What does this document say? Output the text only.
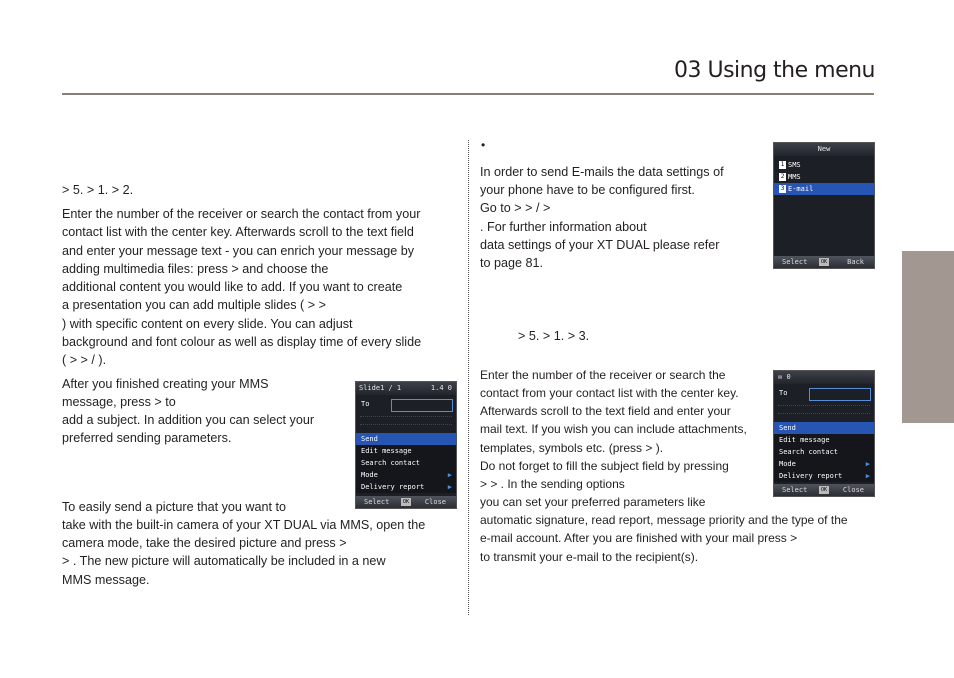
03 Using the menu
> 5. > 1. > 2.
Enter the number of the receiver or search the contact from your
contact list with the center key. Afterwards scroll to the text field
and enter your message text - you can enrich your message by
adding multimedia files: press > and choose the
additional content you would like to add. If you want to create
a presentation you can add multiple slides ( > >
) with specific content on every slide. You can adjust
background and font colour as well as display time of every slide
( > > / ).
After you finished creating your MMS
message, press > to
add a subject. In addition you can select your
preferred sending parameters.
To easily send a picture that you want to
take with the built-in camera of your XT DUAL via MMS, open the
camera mode, take the desired picture and press >
> . The new picture will automatically be included in a new
MMS message.
Slide1 / 1	1.4 0
To
Send
Edit message
Search contact
Mode	▶
Delivery report	▶
Select	OK Close
•
In order to send E-mails the data settings of
your phone have to be configured first.
Go to > > / >
. For further information about
data settings of your XT DUAL please refer
to page 81.
> 5. > 1. > 3.
Enter the number of the receiver or search the
contact from your contact list with the center key.
Afterwards scroll to the text field and enter your
mail text. If you wish you can include attachments,
templates, symbols etc. (press > ).
Do not forget to fill the subject field by pressing
> > . In the sending options
you can set your preferred parameters like
automatic signature, read report, message priority and the type of the
e-mail account. After you are finished with your mail press >
to transmit your e-mail to the recipient(s).
New
1 SMS
2 MMS
3 E-mail
Select	OK	Back
✉ 0
To
Send
Edit message
Search contact
Mode	▶
Delivery report	▶
Select	OK Close
